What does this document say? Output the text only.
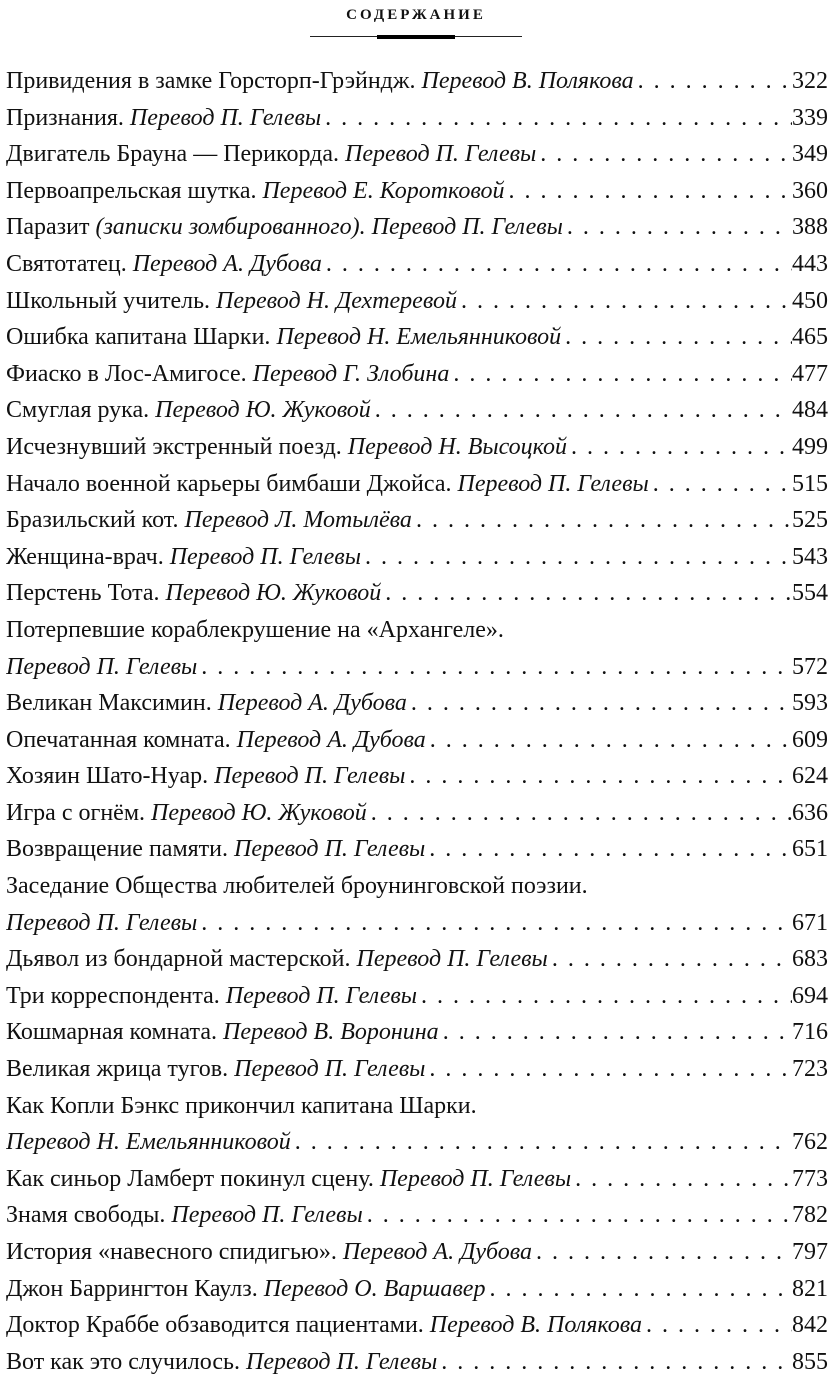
СОДЕРЖАНИЕ
Привидения в замке Горсторп-Грэйндж. Перевод В. Полякова . . .	322
Признания. Перевод П. Гелевы . . .	339
Двигатель Брауна — Перикорда. Перевод П. Гелевы . . .	349
Первоапрельская шутка. Перевод Е. Коротковой . . .	360
Паразит (записки зомбированного). Перевод П. Гелевы . . .	388
Святотатец. Перевод А. Дубова . . .	443
Школьный учитель. Перевод Н. Дехтеревой . . .	450
Ошибка капитана Шарки. Перевод Н. Емельянниковой . . .	465
Фиаско в Лос-Амигосе. Перевод Г. Злобина . . .	477
Смуглая рука. Перевод Ю. Жуковой . . .	484
Исчезнувший экстренный поезд. Перевод Н. Высоцкой . . .	499
Начало военной карьеры бимбаши Джойса. Перевод П. Гелевы . . .	515
Бразильский кот. Перевод Л. Мотылёва . . .	525
Женщина-врач. Перевод П. Гелевы . . .	543
Перстень Тота. Перевод Ю. Жуковой . . .	554
Потерпевшие кораблекрушение на «Архангеле».
Перевод П. Гелевы . . .	572
Великан Максимин. Перевод А. Дубова . . .	593
Опечатанная комната. Перевод А. Дубова . . .	609
Хозяин Шато-Нуар. Перевод П. Гелевы . . .	624
Игра с огнём. Перевод Ю. Жуковой . . .	636
Возвращение памяти. Перевод П. Гелевы . . .	651
Заседание Общества любителей броунинговской поэзии.
Перевод П. Гелевы . . .	671
Дьявол из бондарной мастерской. Перевод П. Гелевы . . .	683
Три корреспондента. Перевод П. Гелевы . . .	694
Кошмарная комната. Перевод В. Воронина . . .	716
Великая жрица тугов. Перевод П. Гелевы . . .	723
Как Копли Бэнкс прикончил капитана Шарки.
Перевод Н. Емельянниковой . . .	762
Как синьор Ламберт покинул сцену. Перевод П. Гелевы . . .	773
Знамя свободы. Перевод П. Гелевы . . .	782
История «навесного спидигью». Перевод А. Дубова . . .	797
Джон Баррингтон Каулз. Перевод О. Варшавер . . .	821
Доктор Краббе обзаводится пациентами. Перевод В. Полякова . . .	842
Вот как это случилось. Перевод П. Гелевы . . .	855
